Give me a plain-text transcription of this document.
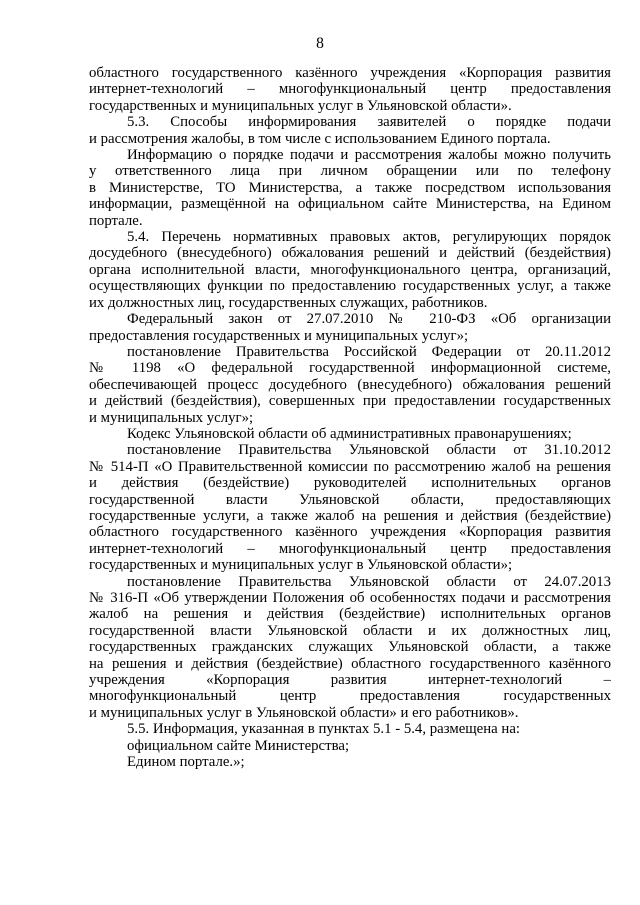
8
областного государственного казённого учреждения «Корпорация развития
интернет-технологий – многофункциональный центр предоставления
государственных и муниципальных услуг в Ульяновской области».
5.3. Способы информирования заявителей о порядке подачи
и рассмотрения жалобы, в том числе с использованием Единого портала.
Информацию о порядке подачи и рассмотрения жалобы можно получить
у ответственного лица при личном обращении или по телефону
в Министерстве, ТО Министерства, а также посредством использования
информации, размещённой на официальном сайте Министерства, на Едином
портале.
5.4. Перечень нормативных правовых актов, регулирующих порядок
досудебного (внесудебного) обжалования решений и действий (бездействия)
органа исполнительной власти, многофункционального центра, организаций,
осуществляющих функции по предоставлению государственных услуг, а также
их должностных лиц, государственных служащих, работников.
Федеральный закон от 27.07.2010 № 210-ФЗ «Об организации
предоставления государственных и муниципальных услуг»;
постановление Правительства Российской Федерации от 20.11.2012
№ 1198 «О федеральной государственной информационной системе,
обеспечивающей процесс досудебного (внесудебного) обжалования решений
и действий (бездействия), совершенных при предоставлении государственных
и муниципальных услуг»;
Кодекс Ульяновской области об административных правонарушениях;
постановление Правительства Ульяновской области от 31.10.2012
№ 514-П «О Правительственной комиссии по рассмотрению жалоб на решения
и действия (бездействие) руководителей исполнительных органов
государственной власти Ульяновской области, предоставляющих
государственные услуги, а также жалоб на решения и действия (бездействие)
областного государственного казённого учреждения «Корпорация развития
интернет-технологий – многофункциональный центр предоставления
государственных и муниципальных услуг в Ульяновской области»;
постановление Правительства Ульяновской области от 24.07.2013
№ 316-П «Об утверждении Положения об особенностях подачи и рассмотрения
жалоб на решения и действия (бездействие) исполнительных органов
государственной власти Ульяновской области и их должностных лиц,
государственных гражданских служащих Ульяновской области, а также
на решения и действия (бездействие) областного государственного казённого
учреждения «Корпорация развития интернет-технологий –
многофункциональный центр предоставления государственных
и муниципальных услуг в Ульяновской области» и его работников».
5.5. Информация, указанная в пунктах 5.1 - 5.4, размещена на:
официальном сайте Министерства;
Едином портале.»;
